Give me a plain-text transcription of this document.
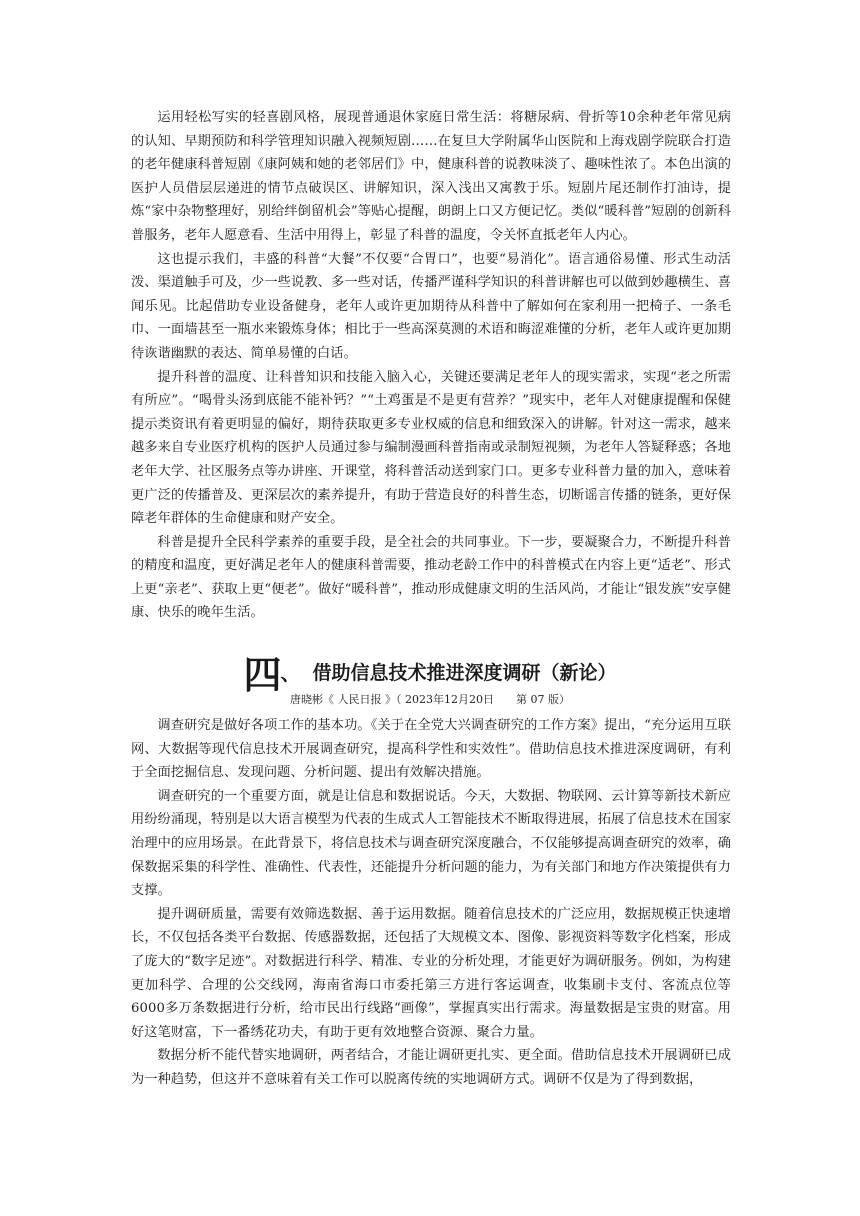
运用轻松写实的轻喜剧风格，展现普通退休家庭日常生活：将糖尿病、骨折等10余种老年常见病的认知、早期预防和科学管理知识融入视频短剧……在复旦大学附属华山医院和上海戏剧学院联合打造的老年健康科普短剧《康阿姨和她的老邻居们》中，健康科普的说教味淡了、趣味性浓了。本色出演的医护人员借层层递进的情节点破误区、讲解知识，深入浅出又寓教于乐。短剧片尾还制作打油诗，提炼“家中杂物整理好，别给绊倒留机会”等贴心提醒，朗朗上口又方便记忆。类似“暖科普”短剧的创新科普服务，老年人愿意看、生活中用得上，彰显了科普的温度，令关怀直抵老年人内心。

这也提示我们，丰盛的科普“大餐”不仅要“合胃口”，也要“易消化”。语言通俗易懂、形式生动活泼、渠道触手可及，少一些说教、多一些对话，传播严谨科学知识的科普讲解也可以做到妙趣横生、喜闻乐见。比起借助专业设备健身，老年人或许更加期待从科普中了解如何在家利用一把椅子、一条毛巾、一面墙甚至一瓶水来锻炼身体；相比于一些高深莫测的术语和晦涩难懂的分析，老年人或许更加期待诙谐幽默的表达、简单易懂的白话。

提升科普的温度、让科普知识和技能入脑入心，关键还要满足老年人的现实需求，实现“老之所需有所应”。“喝骨头汤到底能不能补钙？”“土鸡蛋是不是更有营养？”现实中，老年人对健康提醒和保健提示类资讯有着更明显的偏好，期待获取更多专业权威的信息和细致深入的讲解。针对这一需求，越来越多来自专业医疗机构的医护人员通过参与编制漫画科普指南或录制短视频，为老年人答疑释惑；各地老年大学、社区服务点等办讲座、开课堂，将科普活动送到家门口。更多专业科普力量的加入，意味着更广泛的传播普及、更深层次的素养提升，有助于营造良好的科普生态，切断谣言传播的链条，更好保障老年群体的生命健康和财产安全。

科普是提升全民科学素养的重要手段，是全社会的共同事业。下一步，要凝聚合力，不断提升科普的精度和温度，更好满足老年人的健康科普需要，推动老龄工作中的科普模式在内容上更“适老”、形式上更“亲老”、获取上更“便老”。做好“暖科普”，推动形成健康文明的生活风尚，才能让“银发族”安享健康、快乐的晚年生活。

四、 借助信息技术推进深度调研（新论）
唐晓彬《 人民日报 》（ 2023年12月20日　　第 07 版）

调查研究是做好各项工作的基本功。《关于在全党大兴调查研究的工作方案》提出，“充分运用互联网、大数据等现代信息技术开展调查研究，提高科学性和实效性”。借助信息技术推进深度调研，有利于全面挖掘信息、发现问题、分析问题、提出有效解决措施。

调查研究的一个重要方面，就是让信息和数据说话。今天，大数据、物联网、云计算等新技术新应用纷纷涌现，特别是以大语言模型为代表的生成式人工智能技术不断取得进展，拓展了信息技术在国家治理中的应用场景。在此背景下，将信息技术与调查研究深度融合，不仅能够提高调查研究的效率，确保数据采集的科学性、准确性、代表性，还能提升分析问题的能力，为有关部门和地方作决策提供有力支撑。

提升调研质量，需要有效筛选数据、善于运用数据。随着信息技术的广泛应用，数据规模正快速增长，不仅包括各类平台数据、传感器数据，还包括了大规模文本、图像、影视资料等数字化档案，形成了庞大的“数字足迹”。对数据进行科学、精准、专业的分析处理，才能更好为调研服务。例如，为构建更加科学、合理的公交线网，海南省海口市委托第三方进行客运调查，收集刷卡支付、客流点位等6000多万条数据进行分析，给市民出行线路“画像”，掌握真实出行需求。海量数据是宝贵的财富。用好这笔财富，下一番绣花功夫，有助于更有效地整合资源、聚合力量。

数据分析不能代替实地调研，两者结合，才能让调研更扎实、更全面。借助信息技术开展调研已成为一种趋势，但这并不意味着有关工作可以脱离传统的实地调研方式。调研不仅是为了得到数据，
